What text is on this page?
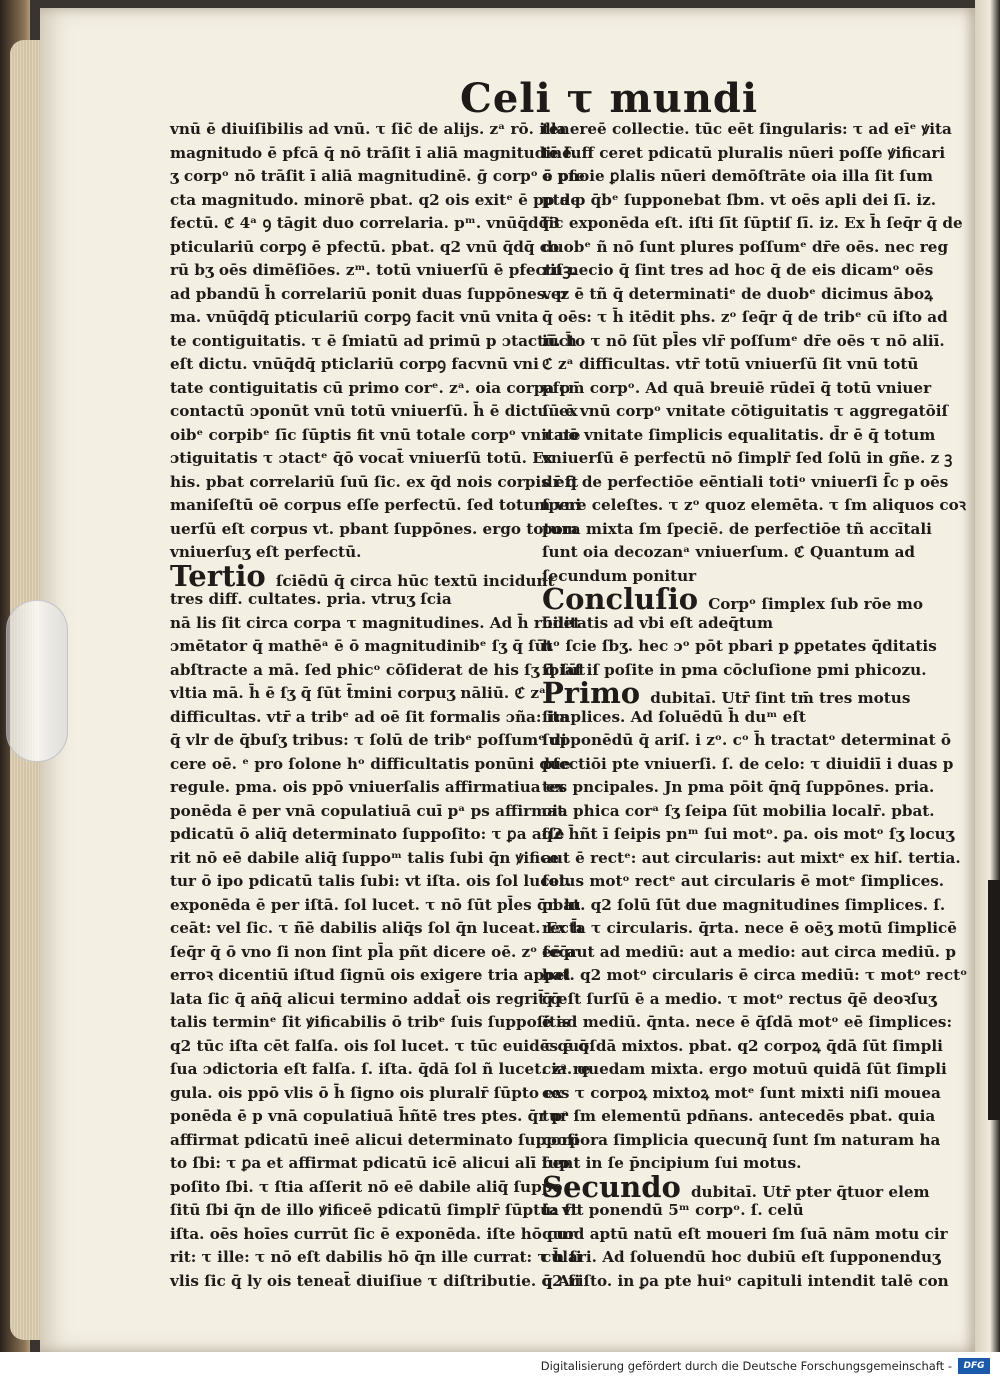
Celi τ mundi
vnū ē diuiſibilis ad vnū. τ ſic̄ de alijs. zᵃ rō. illa
magnitudo ē pfcā q̄ nō trāſit ī aliā magnitudinē.
ʒ corpᵒ nō trāſit ī aliā magnitudinē. ḡ corpᵒ ē pfe
cta magnitudo. minorē pbat. q2 ois exitᵉ ē pp de
fectū. ℭ 4ᵃ ꝯ tāgit duo correlaria. pᵐ. vnūq̄dq̄3
pticulariū corpꝯ ē pfectū. pbat. q2 vnū q̄dq̄ co
rū bʒ oēs dimēſiōes. zᵐ. totū vniuerſū ē pfectuꝫ.
ad pbandū h̄ correlariū ponit duas ſuppōnes. p
ma. vnūq̄dq̄ pticulariū corpꝯ facit vnū vnita
te contiguitatis. τ ē ſmiatū ad primū p ɔtactū. h̄
eſt dictu. vnūq̄dq̄ pticlariū corpꝯ facvnū vni
tate contiguitatis cū primo corᵉ. zᵃ. oia corpa p
contactū ɔponūt vnū totū vniuerſū. h̄ ē dictu. ex
oibᵉ corpibᵉ ſīc ſūptis fit vnū totale corpᵒ vnitate
ɔtiguitatis τ ɔtactᵉ q̄ō vocat̄ vniuerſū totū. Ex
his. pbat correlariū ſuū ſic. ex q̄d nois corpis eſt
maniſeſtū oē corpus eſſe perfectū. ſed totum vni
uerſū eſt corpus vt. pbant ſuppōnes. ergo totum
vniuerſuʒ eſt perfectū.
Tertio ſciēdū q̄ circa hūc textū incidunt
tres diff. cultates. pria. vtruʒ ſcia
nā lis ſit circa corpa τ magnitudines. Ad h̄ rūdet
ɔmētator q̄ mathēᵃ ē ō magnitudinibᵉ ſʒ q̄ ſūt
abſtracte a mā. ſed phicᵒ cōſiderat de his ſʒ q̄ ſūt
vltia mā. h̄ ē ſʒ q̄ ſūt t̄mini corpuʒ nāliū. ℭ zᵃ
difficultas. vtr̄ a tribᵉ ad oē ſit formalis ɔña: ita
q̄ vlr de q̄buſʒ tribus: τ ſolū de tribᵉ poſſumᵉ di
cere oē. ᵉ pro ſolone hᵒ difficultatis ponūni due
regule. pma. ois ppō vniuerſalis affirmatiua ex
ponēda ē per vnā copulatiuā cuī pᵃ ps affirmat
pdicatū ō aliq̄ determinato ſuppoſito: τ ꝑa aſſe
rit nō eē dabile aliq̄ ſuppoᵐ talis ſubi q̄n ꝟifice
tur ō ipo pdicatū talis ſubi: vt iſta. ois ſol lucet.
exponēda ē per iſtā. ſol lucet. τ nō ſūt pl̄es q̄n lu
ceāt: vel ſic. τ ñ̄ē dabilis aliq̄s ſol q̄n luceat. Ex h̄
ſeq̄r q̄ ō vno ſi non ſint pl̄a pñt dicere oē. zᵒ ſeq̄r
erroꝛ dicentiū iſtud ſignū ois exigere tria appel
lata ſic q̄ an̄q̄ alicui termino addat̄ ois regrit̄ q̄
talis terminᵉ ſit ꝟificabilis ō tribᵉ ſuis ſuppoſitis
q2 tūc iſta cēt falſa. ois ſol lucet. τ tūc euidēs ē q̄
ſua ɔdictoria eſt falſa. ſ. iſta. q̄dā ſol ñ lucet. zᵃ re
gula. ois ppō vlis ō h̄ ſigno ois pluralr̄ ſūpto ex
ponēda ē p vnā copulatiuā h̄ñtē tres ptes. q̄r pᵃ
affirmat pdicatū ineē alicui determinato ſuppoſi
to ſbi: τ ꝑa et affirmat pdicatū icē alicui alī ſup
poſito ſbi. τ ſtia aſſerit nō eē dabile aliq̄ ſuppo
ſitū ſbi q̄n de illo ꝟificeē pdicatū ſimplr̄ ſūptū: vt
iſta. oēs hoīes currūt ſic ē exponēda. iſte hō cur
rit: τ ille: τ nō eſt dabilis hō q̄n ille currat: τ h̄ ſi
vlis ſic q̄ ly ois teneat̄ diuiſiue τ diſtributie. q2 ſi
tenereē collectie. tūc eēt ſingularis: τ ad eīᵉ ꝟita
tē ſuff ceret pdicatū pluralis nūeri poſſe ꝟificari
ō pnoie ꝑlalis nūeri demōſtrāte oia illa ſit ſum
pta p q̄bᵉ ſupponebat ſbm. vt oēs apli dei ſī. iz.
ſic exponēda eſt. iſti ſīt ſūptiſ ſī. iz. Ex h̄ ſeq̄r q̄ de
duobᵉ ñ nō ſunt plures poſſumᵉ dr̄e oēs. nec reg
riſ necio q̄ ſint tres ad hoc q̄ de eis dicamᵒ oēs
vez ē tñ q̄ determinatiᵉ de duobᵉ dicimus āboꝝ
q̄ oēs: τ h̄ itēdit phs. zᵒ ſeq̄r q̄ de tribᵉ cū iſto ad
iūcto τ nō ſūt pl̄es vlr̄ poſſumᵉ dr̄e oēs τ nō aliī.
ℭ zᵃ difficultas. vtr̄ totū vniuerſū ſit vnū totū
pfcm̄ corpᵒ. Ad quā breuiē rūdeī q̄ totū vniuer
ſū ē vnū corpᵒ vnitate cōtiguitatis τ aggregatōiſ
τ nō vnitate ſimplicis equalitatis. d̄r ē q̄ totum
vniuerſū ē perfectū nō ſimplr̄ ſed ſolū in gñe. z ꝫ
dr̄ q̄ de perfectiōe eēntiali totiᵒ vniuerſi ſ̄c p oēs
ſpere celeſtes. τ zᵒ quoz elemēta. τ ſm aliquos coꝛ
pora mixta ſm ſpeciē. de perfectiōe tñ accītali
ſunt oia decozanᵃ vniuerſum. ℭ Quantum ad
ſecundum ponitur
Concluſio Corpᵒ ſimplex ſub rōe mo
bilitatis ad vbi eſt adeq̄tum
hᵒ ſcie ſbʒ. hec ɔᵒ pōt pbari p ꝑpetates q̄ditatis
ſbiaſ iſ poſite in pma cōcluſione pmi phicozu.
Primo dubitaī. Utr̄ ſint tm̄ tres motus
ſimplices. Ad ſoluēdū h̄ duᵐ eſt
ſupponēdū q̄ ariſ. i zᵒ. cᵒ h̄ tractatᵒ determinat ō
pfectiōi pte vniuerſi. ſ. de celo: τ diuidiī i duas p
tes pncipales. Jn pma pōit q̄nq̄ ſuppōnes. pria.
oia phica corᵃ ſʒ ſeipa ſūt mobilia localr̄. pbat.
q2 h̄ñt ī ſeipis pnᵐ ſui motᵒ. ꝑa. ois motᵒ ſʒ locuʒ
aut ē rectᵉ: aut circularis: aut mixtᵉ ex hiſ. tertia.
ſolus motᵒ rectᵉ aut circularis ē motᵉ ſimplices.
pbat. q2 ſolū ſūt due magnitudines ſimplices. ſ.
recta τ circularis. q̄rta. nece ē oēʒ motū ſimplicē
eē aut ad mediū: aut a medio: aut circa mediū. p
bat. q2 motᵒ circularis ē circa mediū: τ motᵒ rectᵒ
q̄ eſt ſurſū ē a medio. τ motᵒ rectus q̄ē deoꝛſuʒ
ē ad mediū. q̄nta. nece ē q̄ſdā motᵒ eē ſimplices:
τ quoſdā mixtos. pbat. q2 corpoꝝ q̄dā ſūt ſimpli
cia. quedam mixta. ergo motuū quidā ſūt ſimpli
ces τ corpoꝝ mixtoꝝ motᵉ ſunt mixti niſi mouea
tur ſm elementū pdn̄ans. antecedēs pbat. quia
corpora ſimplicia quecunq̄ ſunt ſm naturam ha
bent in ſe p̄ncipium ſui motus.
Secundo dubitaī. Utr̄ pter q̄tuor elem
ta ſit ponendū 5ᵐ corpᵒ. ſ. celū
quod aptū natū eſt moueri ſm ſuā nām motu cir
culari. Ad ſoluendū hoc dubiū eſt ſupponenduʒ
q̄ Ariſto. in ꝑa pte huiᵒ capituli intendit talē con
Digitalisierung gefördert durch die Deutsche Forschungsgemeinschaft -	DFG
